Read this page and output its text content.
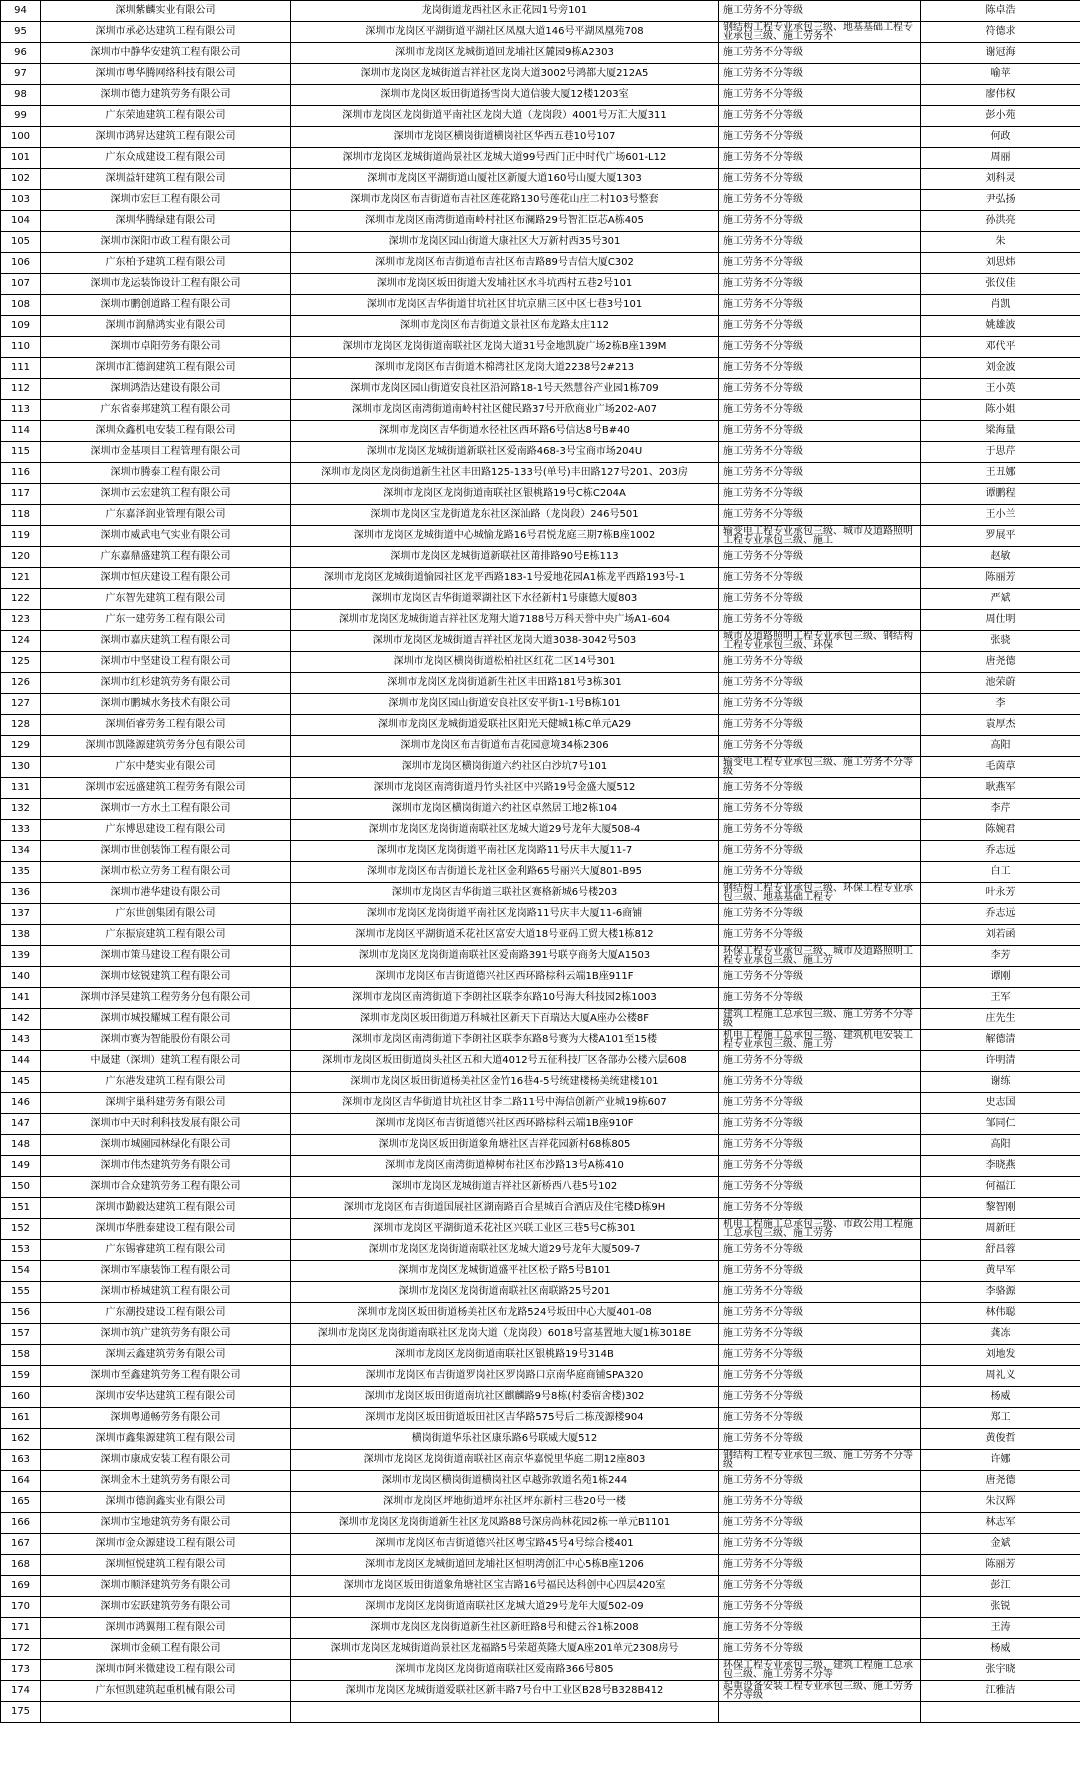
94	深圳紫麟实业有限公司	龙岗街道龙西社区永正花园1号旁101	施工劳务不分等级	陈卓浩
95	深圳市承必达建筑工程有限公司	深圳市龙岗区平湖街道平湖社区凤凰大道146号平湖凤凰苑708	钢结构工程专业承包三级、地基基础工程专业承包三级、施工劳务不	符德求
96	深圳市中静华安建筑工程有限公司	深圳市龙岗区龙城街道回龙埔社区麓园9栋A2303	施工劳务不分等级	谢冠海
97	深圳市粤华腾网络科技有限公司	深圳市龙岗区龙城街道吉祥社区龙岗大道3002号鸿都大厦212A5	施工劳务不分等级	喻苹
98	深圳市德力建筑劳务有限公司	深圳市龙岗区坂田街道扬雪岗大道信骏大厦12楼1203室	施工劳务不分等级	廖伟权
99	广东荣迪建筑工程有限公司	深圳市龙岗区龙岗街道平南社区龙岗大道（龙岗段）4001号万汇大厦311	施工劳务不分等级	彭小苑
100	深圳市鸿昇达建筑工程有限公司	深圳市龙岗区横岗街道横岗社区华西五巷10号107	施工劳务不分等级	何政
101	广东众成建设工程有限公司	深圳市龙岗区龙城街道尚景社区龙城大道99号西门正中时代广场601-L12	施工劳务不分等级	周丽
102	深圳益轩建筑工程有限公司	深圳市龙岗区平湖街道山厦社区新厦大道160号山厦大厦1303	施工劳务不分等级	刘科灵
103	深圳市宏巨工程有限公司	深圳市龙岗区布吉街道布吉社区莲花路130号莲花山庄二村103号整套	施工劳务不分等级	尹弘扬
104	深圳华腾绿建有限公司	深圳市龙岗区南湾街道南岭村社区布澜路29号智汇臣芯A栋405	施工劳务不分等级	孙洪亮
105	深圳市深阳市政工程有限公司	深圳市龙岗区园山街道大康社区大万新村西35号301	施工劳务不分等级	朱
106	广东柏予建筑工程有限公司	深圳市龙岗区布吉街道布吉社区布吉路89号吉信大厦C302	施工劳务不分等级	刘思炜
107	深圳市龙运装饰设计工程有限公司	深圳市龙岗区坂田街道大发埔社区水斗坑西村五巷2号101	施工劳务不分等级	张仪佳
108	深圳市鹏创道路工程有限公司	深圳市龙岗区吉华街道甘坑社区甘坑京鼎三区中区七巷3号101	施工劳务不分等级	肖凯
109	深圳市润鼎鸿实业有限公司	深圳市龙岗区布吉街道文景社区布龙路太庄112	施工劳务不分等级	姚雄波
110	深圳市卓阳劳务有限公司	深圳市龙岗区龙岗街道南联社区龙岗大道31号金地凯旋广场2栋B座139M	施工劳务不分等级	邓代平
111	深圳市汇德润建筑工程有限公司	深圳市龙岗区布吉街道木棉湾社区龙岗大道2238号2#213	施工劳务不分等级	刘金波
112	深圳鸿浩达建设有限公司	深圳市龙岗区园山街道安良社区沿河路18-1号天然慧谷产业园1栋709	施工劳务不分等级	王小英
113	广东省泰邦建筑工程有限公司	深圳市龙岗区南湾街道南岭村社区健民路37号开欣商业广场202-A07	施工劳务不分等级	陈小姐
114	深圳众鑫机电安装工程有限公司	深圳市龙岗区吉华街道水径社区西环路6号信达8号B#40	施工劳务不分等级	梁海量
115	深圳市金基项目工程管理有限公司	深圳市龙岗区龙城街道新联社区爱南路468-3号宝商市场204U	施工劳务不分等级	于思芹
116	深圳市腾泰工程有限公司	深圳市龙岗区龙岗街道新生社区丰田路125-133号(单号)丰田路127号201、203房	施工劳务不分等级	王丑娜
117	深圳市云宏建筑工程有限公司	深圳市龙岗区龙岗街道南联社区银桃路19号C栋C204A	施工劳务不分等级	谭鹏程
118	广东嘉泽润业管理有限公司	深圳市龙岗区宝龙街道龙东社区深汕路（龙岗段）246号501	施工劳务不分等级	王小兰
119	深圳市威武电气实业有限公司	深圳市龙岗区龙城街道中心城愉龙路16号君悦龙庭三期7栋B座1002	输变电工程专业承包三级、城市及道路照明工程专业承包三级、施工	罗展平
120	广东嘉鼎盛建筑工程有限公司	深圳市龙岗区龙城街道新联社区莆排路90号E栋113	施工劳务不分等级	赵敏
121	深圳市恒庆建设工程有限公司	深圳市龙岗区龙城街道愉园社区龙平西路183-1号爱地花园A1栋龙平西路193号-1	施工劳务不分等级	陈丽芳
122	广东智先建筑工程有限公司	深圳市龙岗区吉华街道翠湖社区下水径新村1号康德大厦803	施工劳务不分等级	严斌
123	广东一建劳务工程有限公司	深圳市龙岗区龙城街道吉祥社区龙翔大道7188号万科天誉中央广场A1-604	施工劳务不分等级	周仕明
124	深圳市嘉庆建筑工程有限公司	深圳市龙岗区龙城街道吉祥社区龙岗大道3038-3042号503	城市及道路照明工程专业承包三级、钢结构工程专业承包三级、环保	张骁
125	深圳市中坚建设工程有限公司	深圳市龙岗区横岗街道松柏社区红花二区14号301	施工劳务不分等级	唐尧德
126	深圳市红杉建筑劳务有限公司	深圳市龙岗区龙岗街道新生社区丰田路181号3栋301	施工劳务不分等级	池荣蔚
127	深圳市鹏城水务技术有限公司	深圳市龙岗区园山街道安良社区安平街1-1号B栋101	施工劳务不分等级	李
128	深圳佰睿劳务工程有限公司	深圳市龙岗区龙城街道爱联社区阳光天健城1栋C单元A29	施工劳务不分等级	袁厚杰
129	深圳市凯隆源建筑劳务分包有限公司	深圳市龙岗区布吉街道布吉花园意境34栋2306	施工劳务不分等级	高阳
130	广东中楚实业有限公司	深圳市龙岗区横岗街道六约社区白沙坑7号101	输变电工程专业承包三级、施工劳务不分等级	毛茵草
131	深圳市宏远盛建筑工程劳务有限公司	深圳市龙岗区南湾街道丹竹头社区中兴路19号金盛大厦512	施工劳务不分等级	耿燕军
132	深圳市一方水土工程有限公司	深圳市龙岗区横岗街道六约社区卓然居工地2栋104	施工劳务不分等级	李芹
133	广东博思建设工程有限公司	深圳市龙岗区龙岗街道南联社区龙城大道29号龙年大厦508-4	施工劳务不分等级	陈婉君
134	深圳市世创装饰工程有限公司	深圳市龙岗区龙岗街道平南社区龙岗路11号庆丰大厦11-7	施工劳务不分等级	乔志远
135	深圳市松立劳务工程有限公司	深圳市龙岗区布吉街道长龙社区金利路65号丽兴大厦801-B95	施工劳务不分等级	白工
136	深圳市港华建设有限公司	深圳市龙岗区吉华街道三联社区赛格新城6号楼203	钢结构工程专业承包三级、环保工程专业承包三级、地基基础工程专	叶永芳
137	广东世创集团有限公司	深圳市龙岗区龙岗街道平南社区龙岗路11号庆丰大厦11-6商铺	施工劳务不分等级	乔志远
138	广东振宸建筑工程有限公司	深圳市龙岗区平湖街道禾花社区富安大道18号亚码工贸大楼1栋812	施工劳务不分等级	刘若函
139	深圳市策马建设工程有限公司	深圳市龙岗区龙岗街道南联社区爱南路391号联亨商务大厦A1503	环保工程专业承包三级、城市及道路照明工程专业承包三级、施工劳	李芳
140	深圳市炫锐建筑工程有限公司	深圳市龙岗区布吉街道德兴社区西环路棕科云端1B座911F	施工劳务不分等级	谭刚
141	深圳市泽昊建筑工程劳务分包有限公司	深圳市龙岗区南湾街道下李朗社区联李东路10号海大科技园2栋1003	施工劳务不分等级	王军
142	深圳市城投耀城工程有限公司	深圳市龙岗区坂田街道万科城社区新天下百瑞达大厦A座办公楼8F	建筑工程施工总承包三级、施工劳务不分等级	庄先生
143	深圳市赛为智能股份有限公司	深圳市龙岗区南湾街道下李朗社区联李东路8号赛为大楼A101至15楼	机电工程施工总承包三级、建筑机电安装工程专业承包三级、施工劳	解德清
144	中晟建（深圳）建筑工程有限公司	深圳市龙岗区坂田街道岗头社区五和大道4012号五征科技厂区各部办公楼六层608	施工劳务不分等级	许明清
145	广东港发建筑工程有限公司	深圳市龙岗区坂田街道杨美社区金竹16巷4-5号统建楼杨美统建楼101	施工劳务不分等级	谢练
146	深圳宇巢科建劳务有限公司	深圳市龙岗区吉华街道甘坑社区甘李二路11号中海信创新产业城19栋607	施工劳务不分等级	史志国
147	深圳市中天时利科技发展有限公司	深圳市龙岗区布吉街道德兴社区西环路棕科云端1B座910F	施工劳务不分等级	邹同仁
148	深圳市城園园林绿化有限公司	深圳市龙岗区坂田街道象角塘社区吉祥花园新村68栋805	施工劳务不分等级	高阳
149	深圳市伟杰建筑劳务有限公司	深圳市龙岗区南湾街道樟树布社区布沙路13号A栋410	施工劳务不分等级	李晓燕
150	深圳市合众建筑劳务工程有限公司	深圳市龙岗区龙城街道吉祥社区新桥西八巷5号102	施工劳务不分等级	何福江
151	深圳市勤毅达建筑工程有限公司	深圳市龙岗区布吉街道国展社区湖南路百合星城百合酒店及住宅楼D栋9H	施工劳务不分等级	黎智刚
152	深圳市华胜泰建设工程有限公司	深圳市龙岗区平湖街道禾花社区兴联工业区三巷5号C栋301	机电工程施工总承包三级、市政公用工程施工总承包三级、施工劳务	周新旺
153	广东锡睿建筑工程有限公司	深圳市龙岗区龙岗街道南联社区龙城大道29号龙年大厦509-7	施工劳务不分等级	舒昌蓉
154	深圳市军康装饰工程有限公司	深圳市龙岗区龙城街道盛平社区松子路5号B101	施工劳务不分等级	黄早军
155	深圳市桥城建筑工程有限公司	深圳市龙岗区龙岗街道南联社区南联路25号201	施工劳务不分等级	李骆源
156	广东潮投建设工程有限公司	深圳市龙岗区坂田街道杨美社区布龙路524号坂田中心大厦401-08	施工劳务不分等级	林伟聪
157	深圳市筑广建筑劳务有限公司	深圳市龙岗区龙岗街道南联社区龙岗大道（龙岗段）6018号富基置地大厦1栋3018E	施工劳务不分等级	龚冻
158	深圳云鑫建筑劳务有限公司	深圳市龙岗区龙岗街道南联社区银桃路19号314B	施工劳务不分等级	刘地发
159	深圳市至鑫建筑劳务工程有限公司	深圳市龙岗区布吉街道罗岗社区罗岗路口京南华庭商铺SPA320	施工劳务不分等级	周礼义
160	深圳市安华达建筑工程有限公司	深圳市龙岗区坂田街道南坑社区麒麟路9号8栋(村委宿舍楼)302	施工劳务不分等级	杨威
161	深圳粤通畅劳务有限公司	深圳市龙岗区坂田街道坂田社区吉华路575号后二栋茂源楼904	施工劳务不分等级	郑工
162	深圳市鑫集源建筑工程有限公司	横岗街道华乐社区康乐路6号联威大厦512	施工劳务不分等级	黄俊哲
163	深圳市康成安装工程有限公司	深圳市龙岗区龙岗街道南联社区南京华嘉悦里华庭二期12座803	钢结构工程专业承包三级、施工劳务不分等级	许娜
164	深圳金木土建筑劳务有限公司	深圳市龙岗区横岗街道横岗社区卓越弥敦道名苑1栋244	施工劳务不分等级	唐尧德
165	深圳市德润鑫实业有限公司	深圳市龙岗区坪地街道坪东社区坪东新村三巷20号一楼	施工劳务不分等级	朱汉辉
166	深圳市宝地建筑劳务有限公司	深圳市龙岗区龙岗街道新生社区龙凤路88号深房尚林花园2栋一单元B1101	施工劳务不分等级	林志军
167	深圳市金众源建设工程有限公司	深圳市龙岗区布吉街道德兴社区粤宝路45号4号综合楼401	施工劳务不分等级	金斌
168	深圳恒悦建筑工程有限公司	深圳市龙岗区龙城街道回龙埔社区恒明湾创汇中心5栋B座1206	施工劳务不分等级	陈丽芳
169	深圳市顺泽建筑劳务有限公司	深圳市龙岗区坂田街道象角塘社区宝吉路16号福民达科创中心四层420室	施工劳务不分等级	彭江
170	深圳市宏跃建筑劳务有限公司	深圳市龙岗区龙岗街道南联社区龙城大道29号龙年大厦502-09	施工劳务不分等级	张锐
171	深圳市鸿翼翔工程有限公司	深圳市龙岗区龙岗街道新生社区新旺路8号和健云谷1栋2008	施工劳务不分等级	王涛
172	深圳市金硕工程有限公司	深圳市龙岗区龙城街道尚景社区龙福路5号荣超英隆大厦A座201单元2308房号	施工劳务不分等级	杨威
173	深圳市阿米微建设工程有限公司	深圳市龙岗区龙岗街道南联社区爱南路366号805	环保工程专业承包三级、建筑工程施工总承包三级、施工劳务不分等	张宇晓
174	广东恒凯建筑起重机械有限公司	深圳市龙岗区龙城街道爱联社区新丰路7号台中工业区B28号B328B412	起重设备安装工程专业承包三级、施工劳务不分等级	江雅洁
175				
